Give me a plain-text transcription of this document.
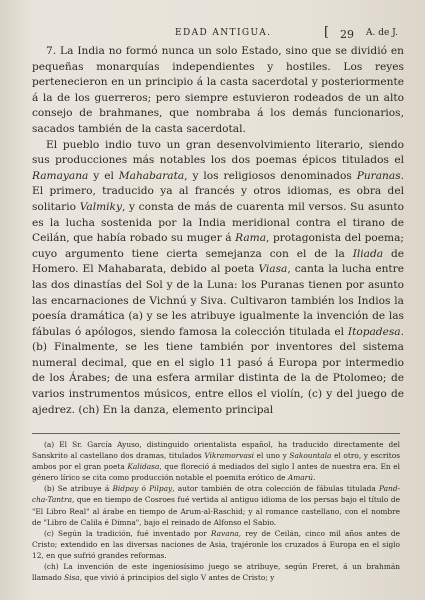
EDAD ANTIGUA.	[ 29 A. de J.

7. La India no formó nunca un solo Estado, sino que se dividió en pequeñas monarquías independientes y hostiles. Los reyes pertenecieron en un principio á la casta sacerdotal y posteriormente á la de los guerreros; pero siempre estuvieron rodeados de un alto consejo de brahmanes, que nombraba á los demás funcionarios, sacados también de la casta sacerdotal.

El pueblo indio tuvo un gran desenvolvimiento literario, siendo sus producciones más notables los dos poemas épicos titulados el Ramayana y el Mahabarata, y los religiosos denominados Puranas. El primero, traducido ya al francés y otros idiomas, es obra del solitario Valmiky, y consta de más de cuarenta mil versos. Su asunto es la lucha sostenida por la India meridional contra el tirano de Ceilán, que había robado su muger á Rama, protagonista del poema; cuyo argumento tiene cierta semejanza con el de la Iliada de Homero. El Mahabarata, debido al poeta Viasa, canta la lucha entre las dos dinastías del Sol y de la Luna: los Puranas tienen por asunto las encarnaciones de Vichnú y Siva. Cultivaron también los Indios la poesía dramática (a) y se les atribuye igualmente la invención de las fábulas ó apólogos, siendo famosa la colección titulada el Itopadesa. (b) Finalmente, se les tiene también por inventores del sistema numeral decimal, que en el siglo 11 pasó á Europa por intermedio de los Árabes; de una esfera armilar distinta de la de Ptolomeo; de varios instrumentos músicos, entre ellos el violín, (c) y del juego de ajedrez. (ch) En la danza, elemento principal

(a) El Sr. García Ayuso, distinguido orientalista español, ha traducido directamente del Sanskrito al castellano dos dramas, titulados Vikramorvasi el uno y Sakountala el otro, y escritos ambos por el gran poeta Kalidasa, que floreció á mediados del siglo I antes de nuestra era. En el género lírico se cita como producción notable el poemita erótico de Amarú.

(b) Se atribuye á Bidpay ó Pilpay, autor también de otra colección de fábulas titulada Pand-cha-Tantra, que en tiempo de Cosroes fué vertida al antiguo idioma de los persas bajo el título de "El Libro Real" al árabe en tiempo de Arum-al-Raschid; y al romance castellano, con el nombre de "Libro de Calila é Dimna", bajo el reinado de Alfonso el Sabio.

(c) Según la tradición, fué inventado por Ravana, rey de Ceilán, cinco mil años antes de Cristo; extendido en las diversas naciones de Asia, trajéronle los cruzados á Europa en el siglo 12, en que sufrió grandes reformas.

(ch) La invención de este ingeniosísimo juego se atribuye, según Freret, á un brahmán llamado Sisa, que vivió á principios del siglo V antes de Cristo; y
